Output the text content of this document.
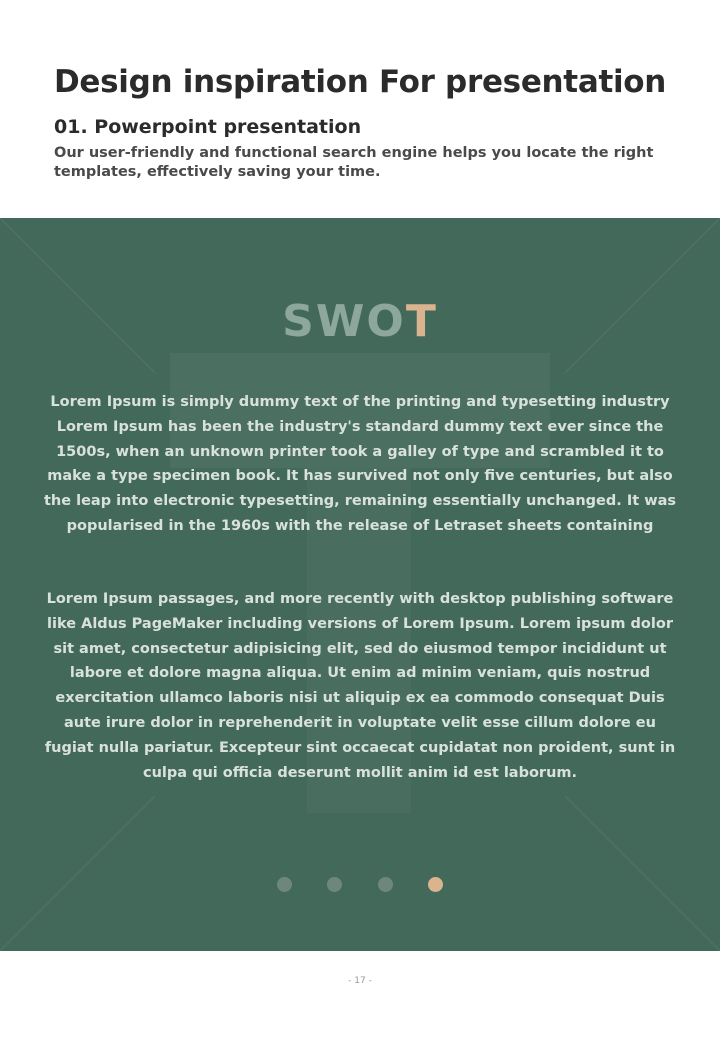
Design inspiration For presentation
01. Powerpoint presentation
Our user-friendly and functional search engine helps you locate the right templates, effectively saving your time.
SWOT
Lorem Ipsum is simply dummy text of the printing and typesetting industry Lorem Ipsum has been the industry's standard dummy text ever since the 1500s, when an unknown printer took a galley of type and scrambled it to make a type specimen book. It has survived not only five centuries, but also the leap into electronic typesetting, remaining essentially unchanged. It was popularised in the 1960s with the release of Letraset sheets containing
Lorem Ipsum passages, and more recently with desktop publishing software like Aldus PageMaker including versions of Lorem Ipsum. Lorem ipsum dolor sit amet, consectetur adipisicing elit, sed do eiusmod tempor incididunt ut labore et dolore magna aliqua. Ut enim ad minim veniam, quis nostrud exercitation ullamco laboris nisi ut aliquip ex ea commodo consequat Duis aute irure dolor in reprehenderit in voluptate velit esse cillum dolore eu fugiat nulla pariatur. Excepteur sint occaecat cupidatat non proident, sunt in culpa qui officia deserunt mollit anim id est laborum.
- 17 -
